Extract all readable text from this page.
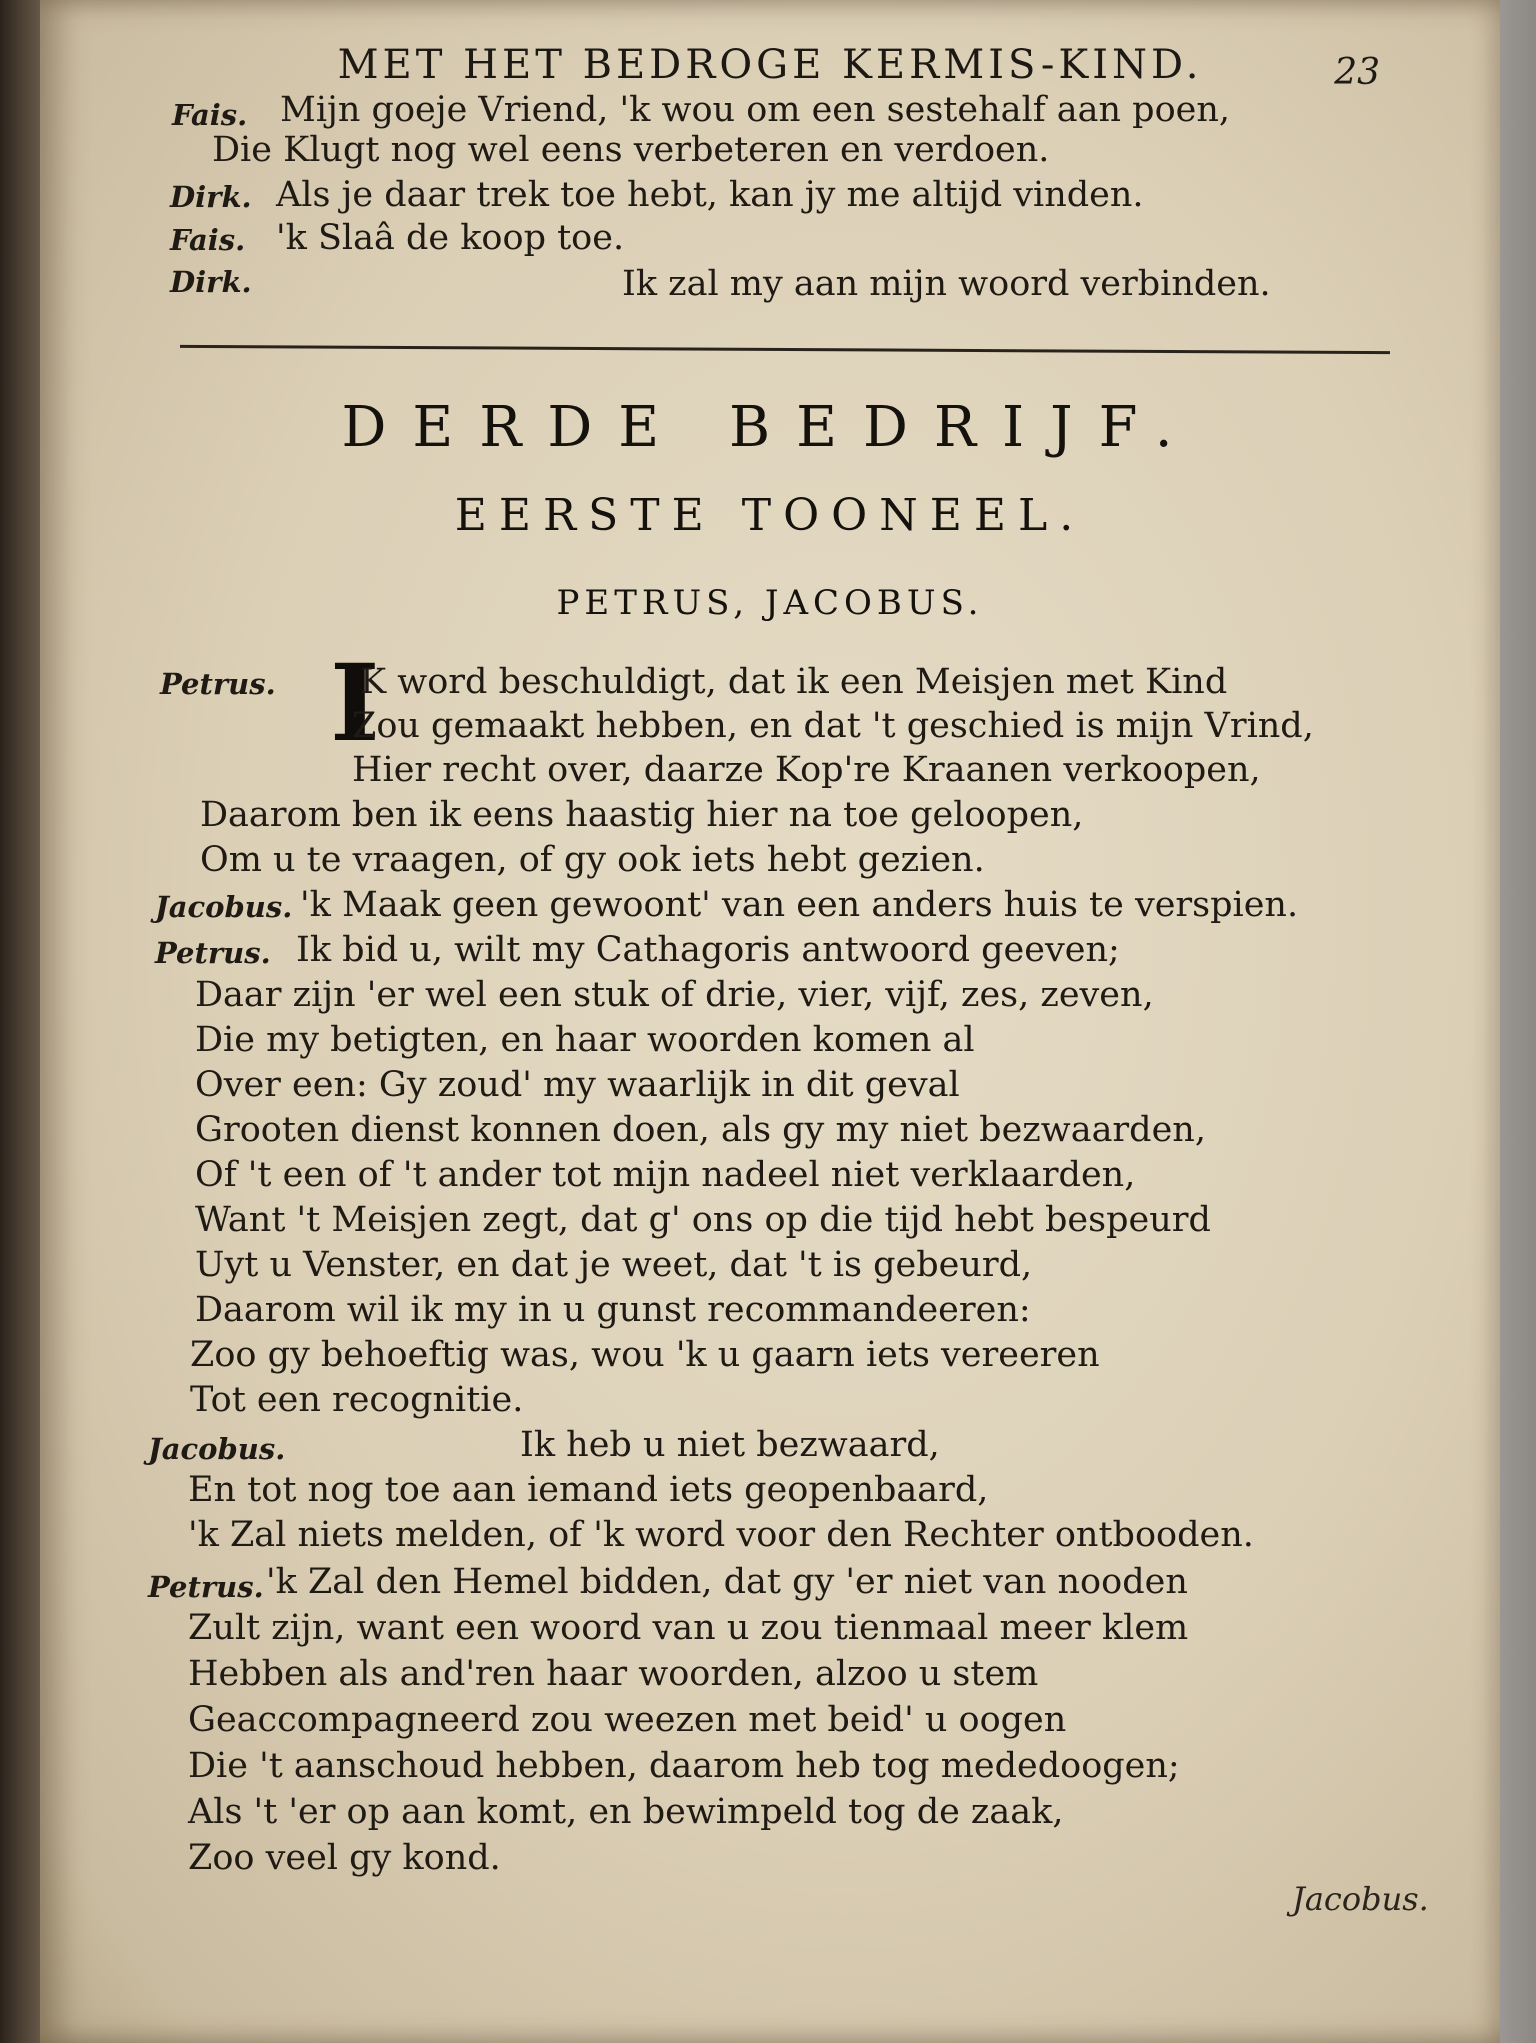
MET HET BEDROGE KERMIS-KIND.	23
Fais. Mijn goeje Vriend, 'k wou om een sestehalf aan poen,
Die Klugt nog wel eens verbeteren en verdoen.
Dirk. Als je daar trek toe hebt, kan jy me altijd vinden.
Fais. 'k Slaâ de koop toe.
Dirk.	Ik zal my aan mijn woord verbinden.
DERDE BEDRIJF.
EERSTE TOONEEL.
PETRUS, JACOBUS.
Petrus. I
K word beschuldigt, dat ik een Meisjen met Kind
Zou gemaakt hebben, en dat 't geschied is mijn Vrind,
Hier recht over, daarze Kop're Kraanen verkoopen,
Daarom ben ik eens haastig hier na toe geloopen,
Om u te vraagen, of gy ook iets hebt gezien.
Jacobus. 'k Maak geen gewoont' van een anders huis te verspien.
Petrus. Ik bid u, wilt my Cathagoris antwoord geeven;
Daar zijn 'er wel een stuk of drie, vier, vijf, zes, zeven,
Die my betigten, en haar woorden komen al
Over een: Gy zoud' my waarlijk in dit geval
Grooten dienst konnen doen, als gy my niet bezwaarden,
Of 't een of 't ander tot mijn nadeel niet verklaarden,
Want 't Meisjen zegt, dat g' ons op die tijd hebt bespeurd
Uyt u Venster, en dat je weet, dat 't is gebeurd,
Daarom wil ik my in u gunst recommandeeren:
Zoo gy behoeftig was, wou 'k u gaarn iets vereeren
Tot een recognitie.
Jacobus.	Ik heb u niet bezwaard,
En tot nog toe aan iemand iets geopenbaard,
'k Zal niets melden, of 'k word voor den Rechter ontbooden.
Petrus. 'k Zal den Hemel bidden, dat gy 'er niet van nooden
Zult zijn, want een woord van u zou tienmaal meer klem
Hebben als and'ren haar woorden, alzoo u stem
Geaccompagneerd zou weezen met beid' u oogen
Die 't aanschoud hebben, daarom heb tog mededoogen;
Als 't 'er op aan komt, en bewimpeld tog de zaak,
Zoo veel gy kond.
Jacobus.
